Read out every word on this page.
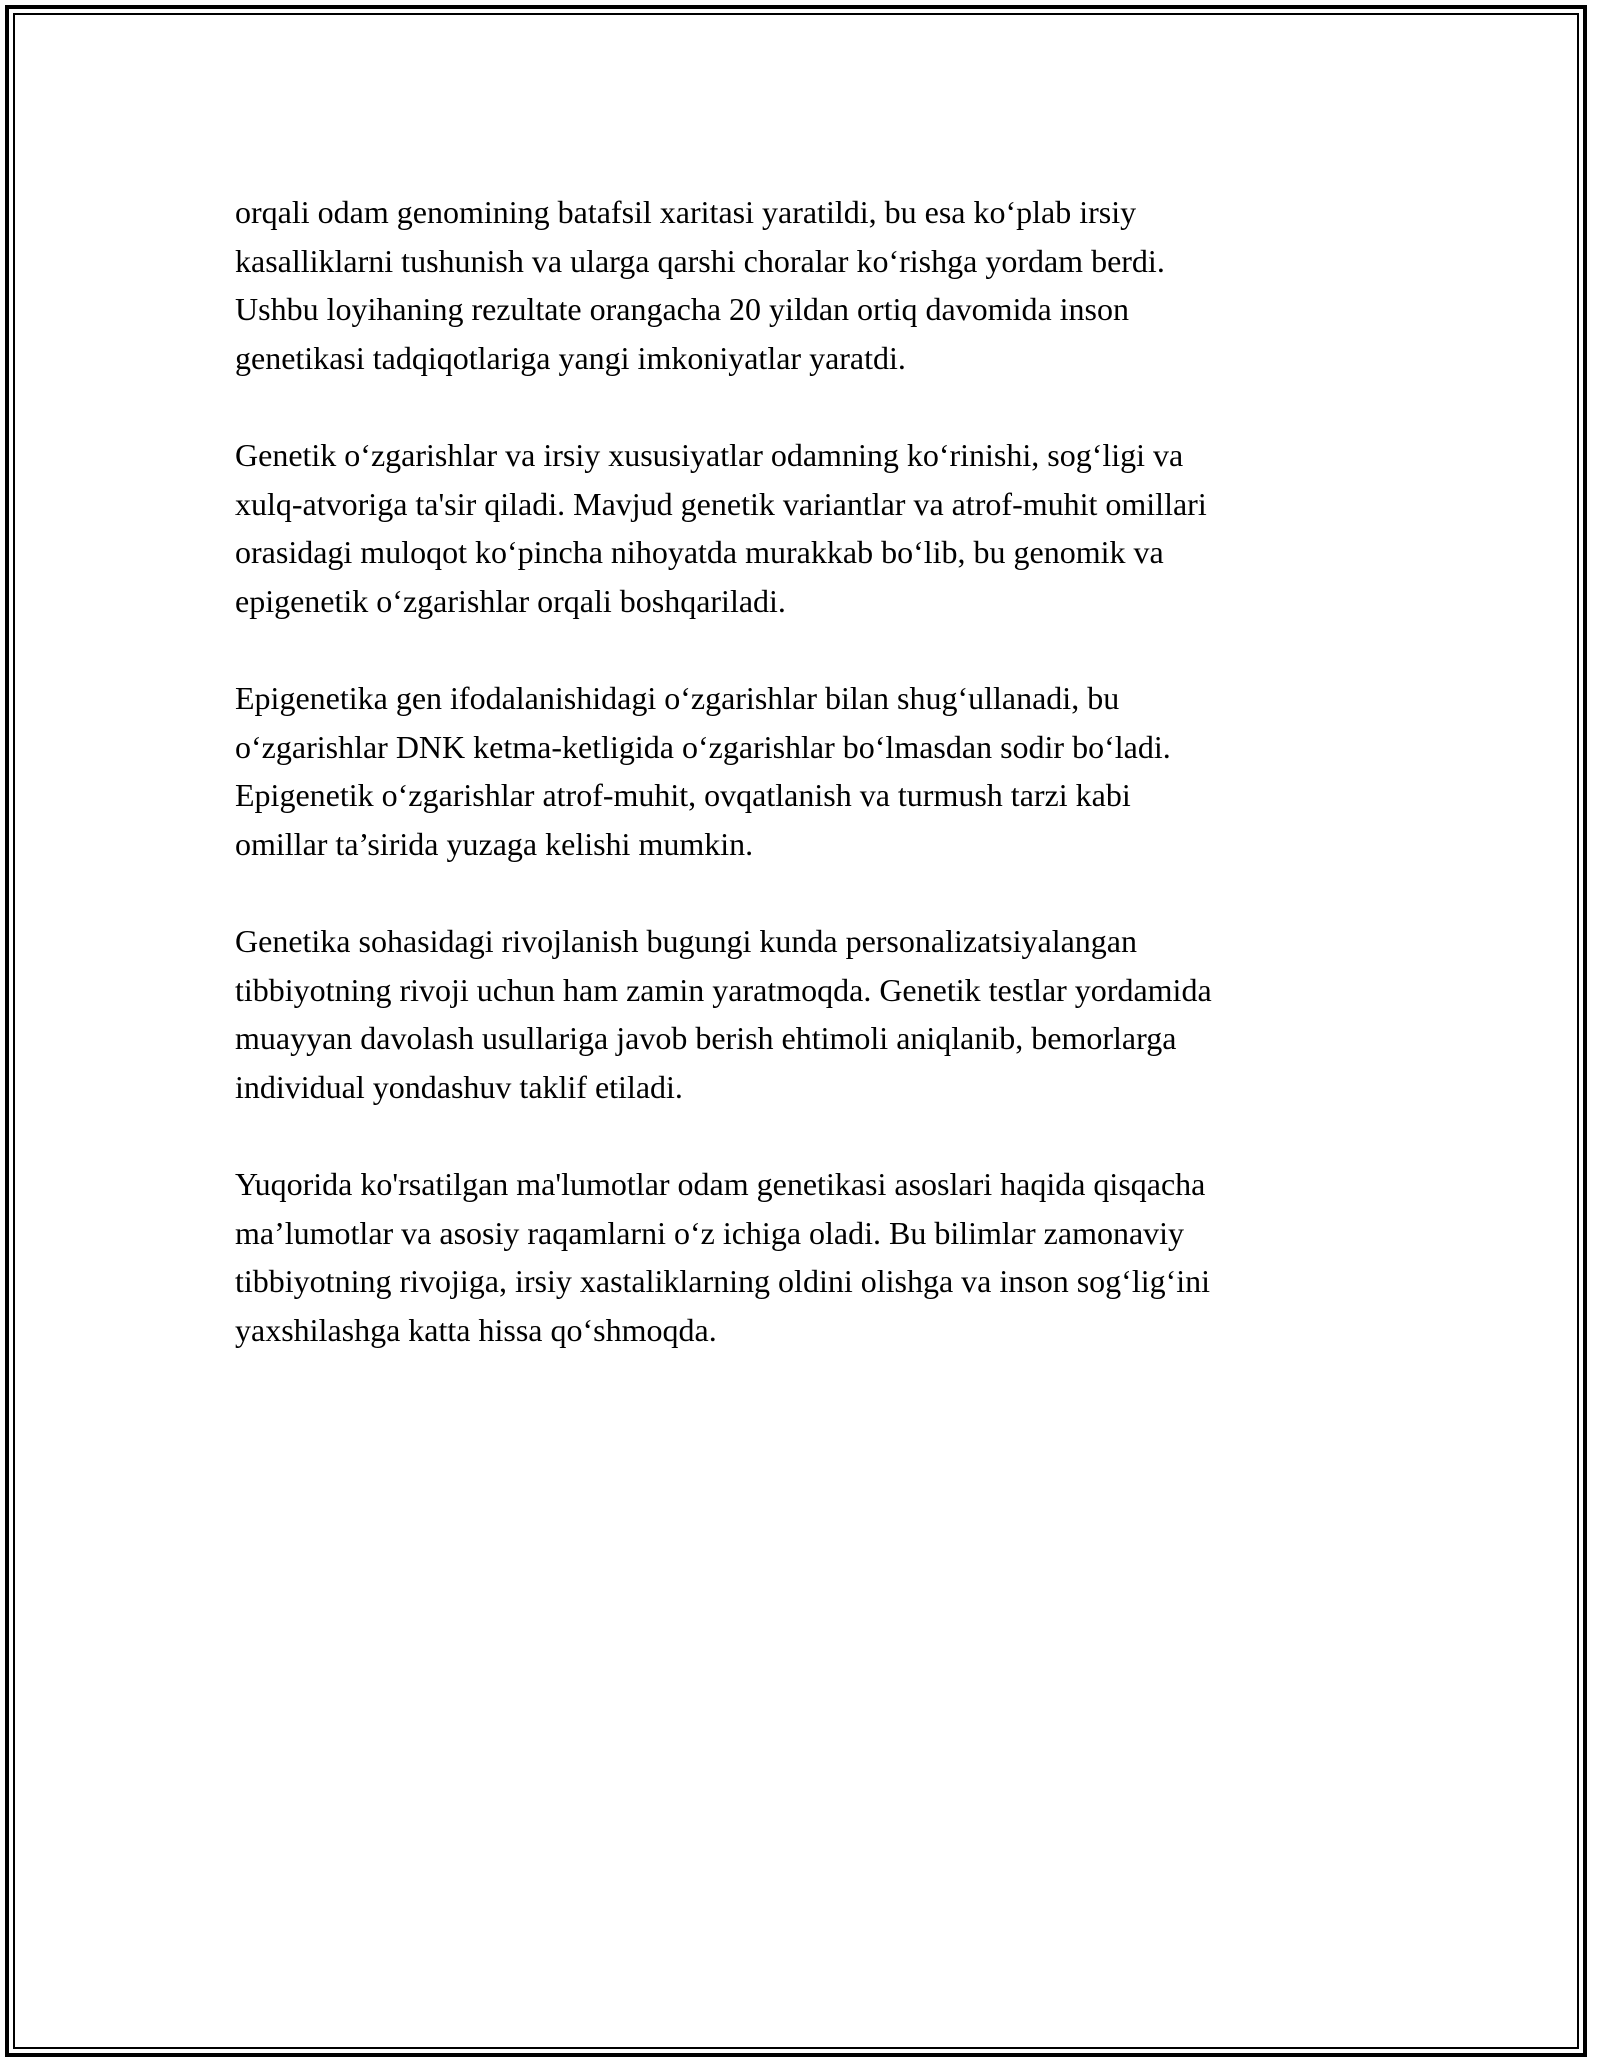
orqali odam genomining batafsil xaritasi yaratildi, bu esa ko‘plab irsiy
kasalliklarni tushunish va ularga qarshi choralar ko‘rishga yordam berdi.
Ushbu loyihaning rezultate orangacha 20 yildan ortiq davomida inson
genetikasi tadqiqotlariga yangi imkoniyatlar yaratdi.

Genetik o‘zgarishlar va irsiy xususiyatlar odamning ko‘rinishi, sog‘ligi va
xulq-atvoriga ta'sir qiladi. Mavjud genetik variantlar va atrof-muhit omillari
orasidagi muloqot ko‘pincha nihoyatda murakkab bo‘lib, bu genomik va
epigenetik o‘zgarishlar orqali boshqariladi.

Epigenetika gen ifodalanishidagi o‘zgarishlar bilan shug‘ullanadi, bu
o‘zgarishlar DNK ketma-ketligida o‘zgarishlar bo‘lmasdan sodir bo‘ladi.
Epigenetik o‘zgarishlar atrof-muhit, ovqatlanish va turmush tarzi kabi
omillar ta’sirida yuzaga kelishi mumkin.

Genetika sohasidagi rivojlanish bugungi kunda personalizatsiyalangan
tibbiyotning rivoji uchun ham zamin yaratmoqda. Genetik testlar yordamida
muayyan davolash usullariga javob berish ehtimoli aniqlanib, bemorlarga
individual yondashuv taklif etiladi.

Yuqorida ko'rsatilgan ma'lumotlar odam genetikasi asoslari haqida qisqacha
ma’lumotlar va asosiy raqamlarni o‘z ichiga oladi. Bu bilimlar zamonaviy
tibbiyotning rivojiga, irsiy xastaliklarning oldini olishga va inson sog‘lig‘ini
yaxshilashga katta hissa qo‘shmoqda.
